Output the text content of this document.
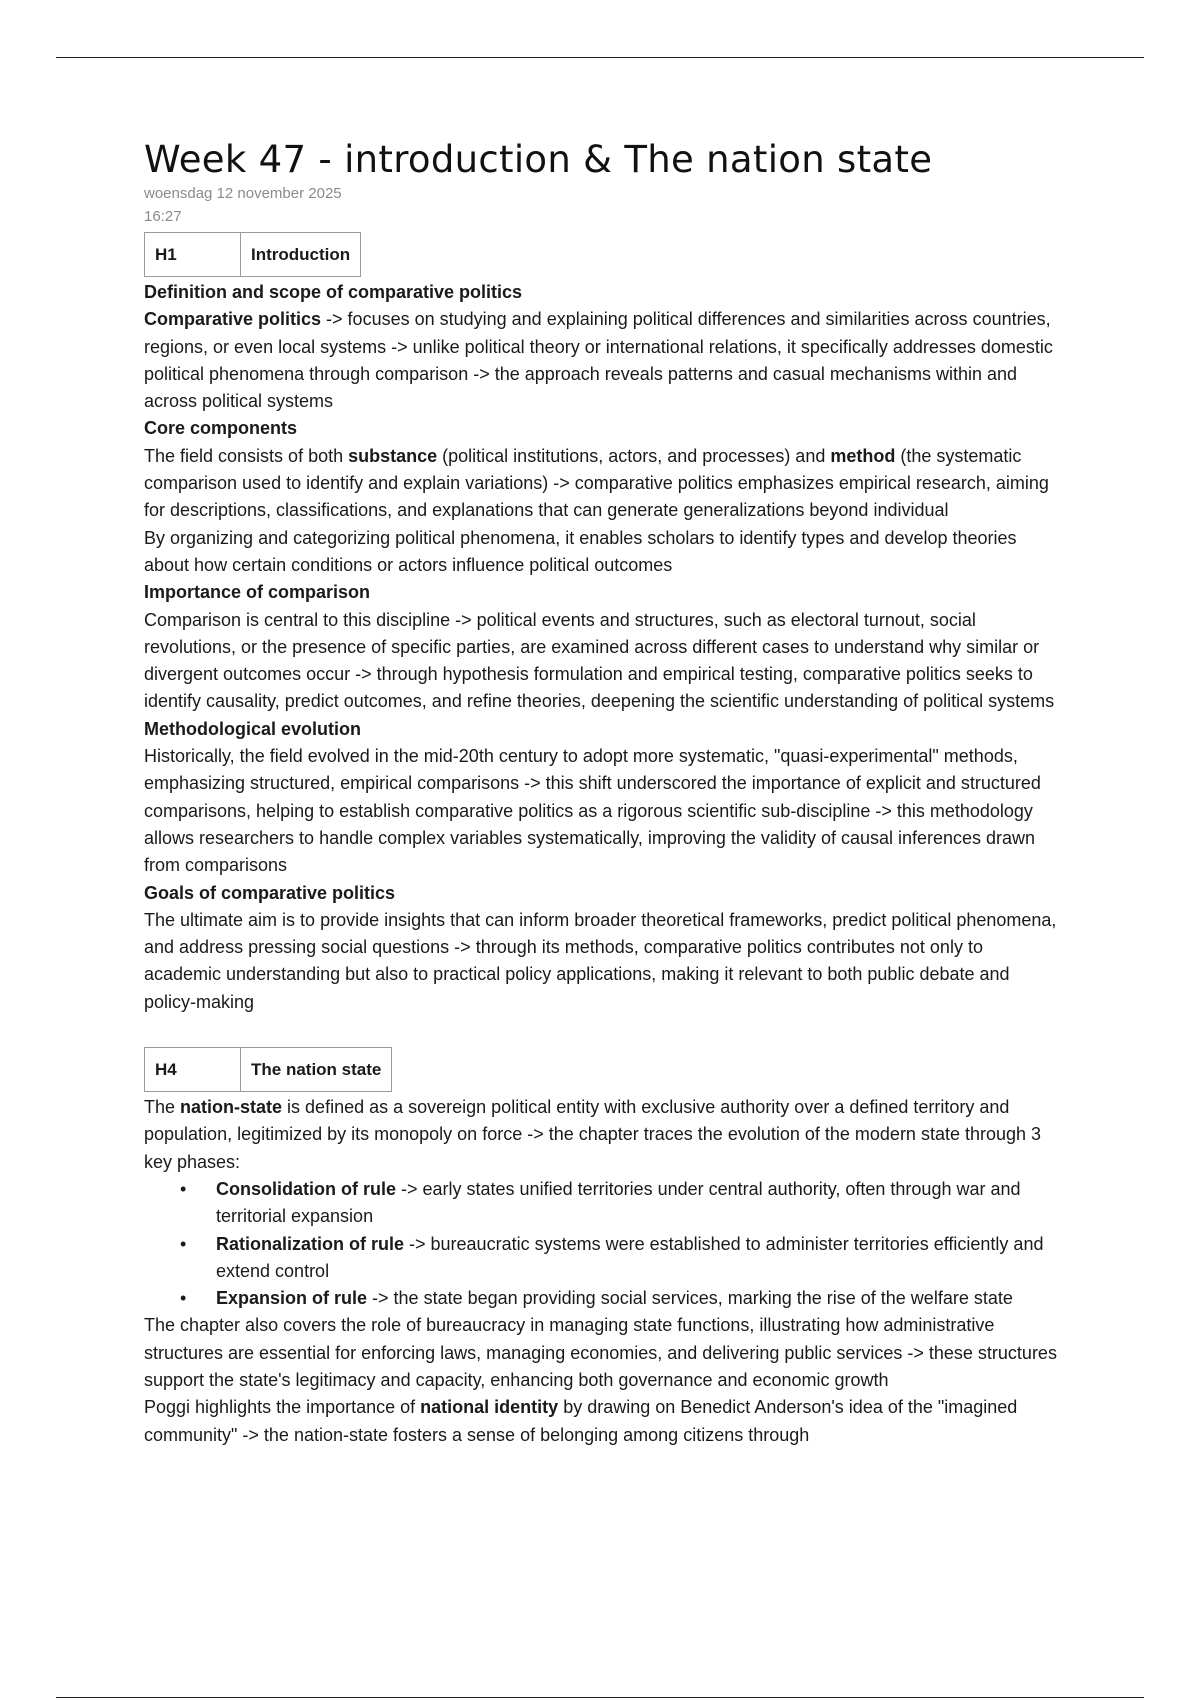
Week 47 - introduction & The nation state
woensdag 12 november 2025
16:27
H1	Introduction

Definition and scope of comparative politics

Comparative politics -> focuses on studying and explaining political differences and similarities across countries, regions, or even local systems -> unlike political theory or international relations, it specifically addresses domestic political phenomena through comparison -> the approach reveals patterns and casual mechanisms within and across political systems

Core components

The field consists of both substance (political institutions, actors, and processes) and method (the systematic comparison used to identify and explain variations) -> comparative politics emphasizes empirical research, aiming for descriptions, classifications, and explanations that can generate generalizations beyond individual

By organizing and categorizing political phenomena, it enables scholars to identify types and develop theories about how certain conditions or actors influence political outcomes

Importance of comparison

Comparison is central to this discipline -> political events and structures, such as electoral turnout, social revolutions, or the presence of specific parties, are examined across different cases to understand why similar or divergent outcomes occur -> through hypothesis formulation and empirical testing, comparative politics seeks to identify causality, predict outcomes, and refine theories, deepening the scientific understanding of political systems

Methodological evolution

Historically, the field evolved in the mid-20th century to adopt more systematic, "quasi-experimental" methods, emphasizing structured, empirical comparisons -> this shift underscored the importance of explicit and structured comparisons, helping to establish comparative politics as a rigorous scientific sub-discipline -> this methodology allows researchers to handle complex variables systematically, improving the validity of causal inferences drawn from comparisons

Goals of comparative politics

The ultimate aim is to provide insights that can inform broader theoretical frameworks, predict political phenomena, and address pressing social questions -> through its methods, comparative politics contributes not only to academic understanding but also to practical policy applications, making it relevant to both public debate and policy-making

H4	The nation state

The nation-state is defined as a sovereign political entity with exclusive authority over a defined territory and population, legitimized by its monopoly on force -> the chapter traces the evolution of the modern state through 3 key phases:

• Consolidation of rule -> early states unified territories under central authority, often through war and territorial expansion
• Rationalization of rule -> bureaucratic systems were established to administer territories efficiently and extend control
• Expansion of rule -> the state began providing social services, marking the rise of the welfare state

The chapter also covers the role of bureaucracy in managing state functions, illustrating how administrative structures are essential for enforcing laws, managing economies, and delivering public services -> these structures support the state's legitimacy and capacity, enhancing both governance and economic growth

Poggi highlights the importance of national identity by drawing on Benedict Anderson's idea of the "imagined community" -> the nation-state fosters a sense of belonging among citizens through
